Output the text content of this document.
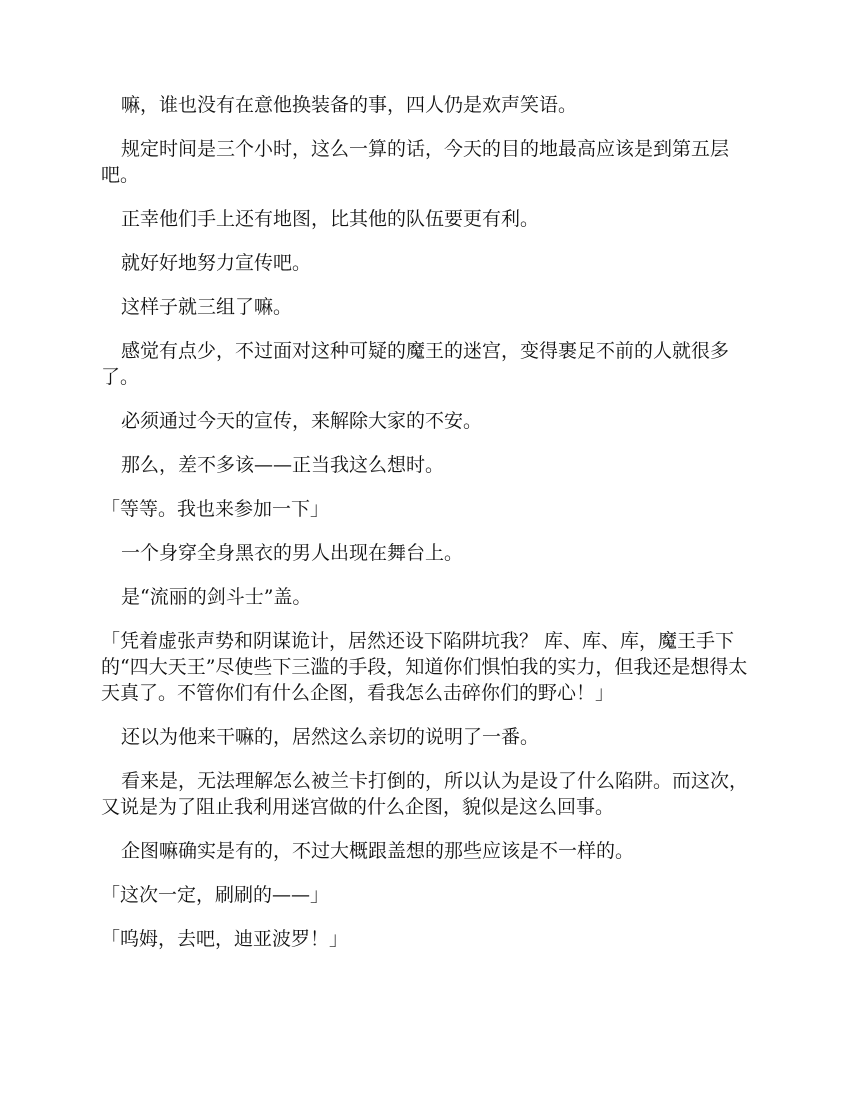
嘛，谁也没有在意他换装备的事，四人仍是欢声笑语。

规定时间是三个小时，这么一算的话，今天的目的地最高应该是到第五层吧。

正幸他们手上还有地图，比其他的队伍要更有利。

就好好地努力宣传吧。

这样子就三组了嘛。

感觉有点少，不过面对这种可疑的魔王的迷宫，变得裹足不前的人就很多了。

必须通过今天的宣传，来解除大家的不安。

那么，差不多该——正当我这么想时。

「等等。我也来参加一下」

一个身穿全身黑衣的男人出现在舞台上。

是“流丽的剑斗士”盖。

「凭着虚张声势和阴谋诡计，居然还设下陷阱坑我？ 库、库、库，魔王手下的“四大天王”尽使些下三滥的手段，知道你们惧怕我的实力，但我还是想得太天真了。不管你们有什么企图，看我怎么击碎你们的野心！」

还以为他来干嘛的，居然这么亲切的说明了一番。

看来是，无法理解怎么被兰卡打倒的，所以认为是设了什么陷阱。而这次，又说是为了阻止我利用迷宫做的什么企图，貌似是这么回事。

企图嘛确实是有的，不过大概跟盖想的那些应该是不一样的。

「这次一定，刷刷的——」

「呜姆，去吧，迪亚波罗！」
